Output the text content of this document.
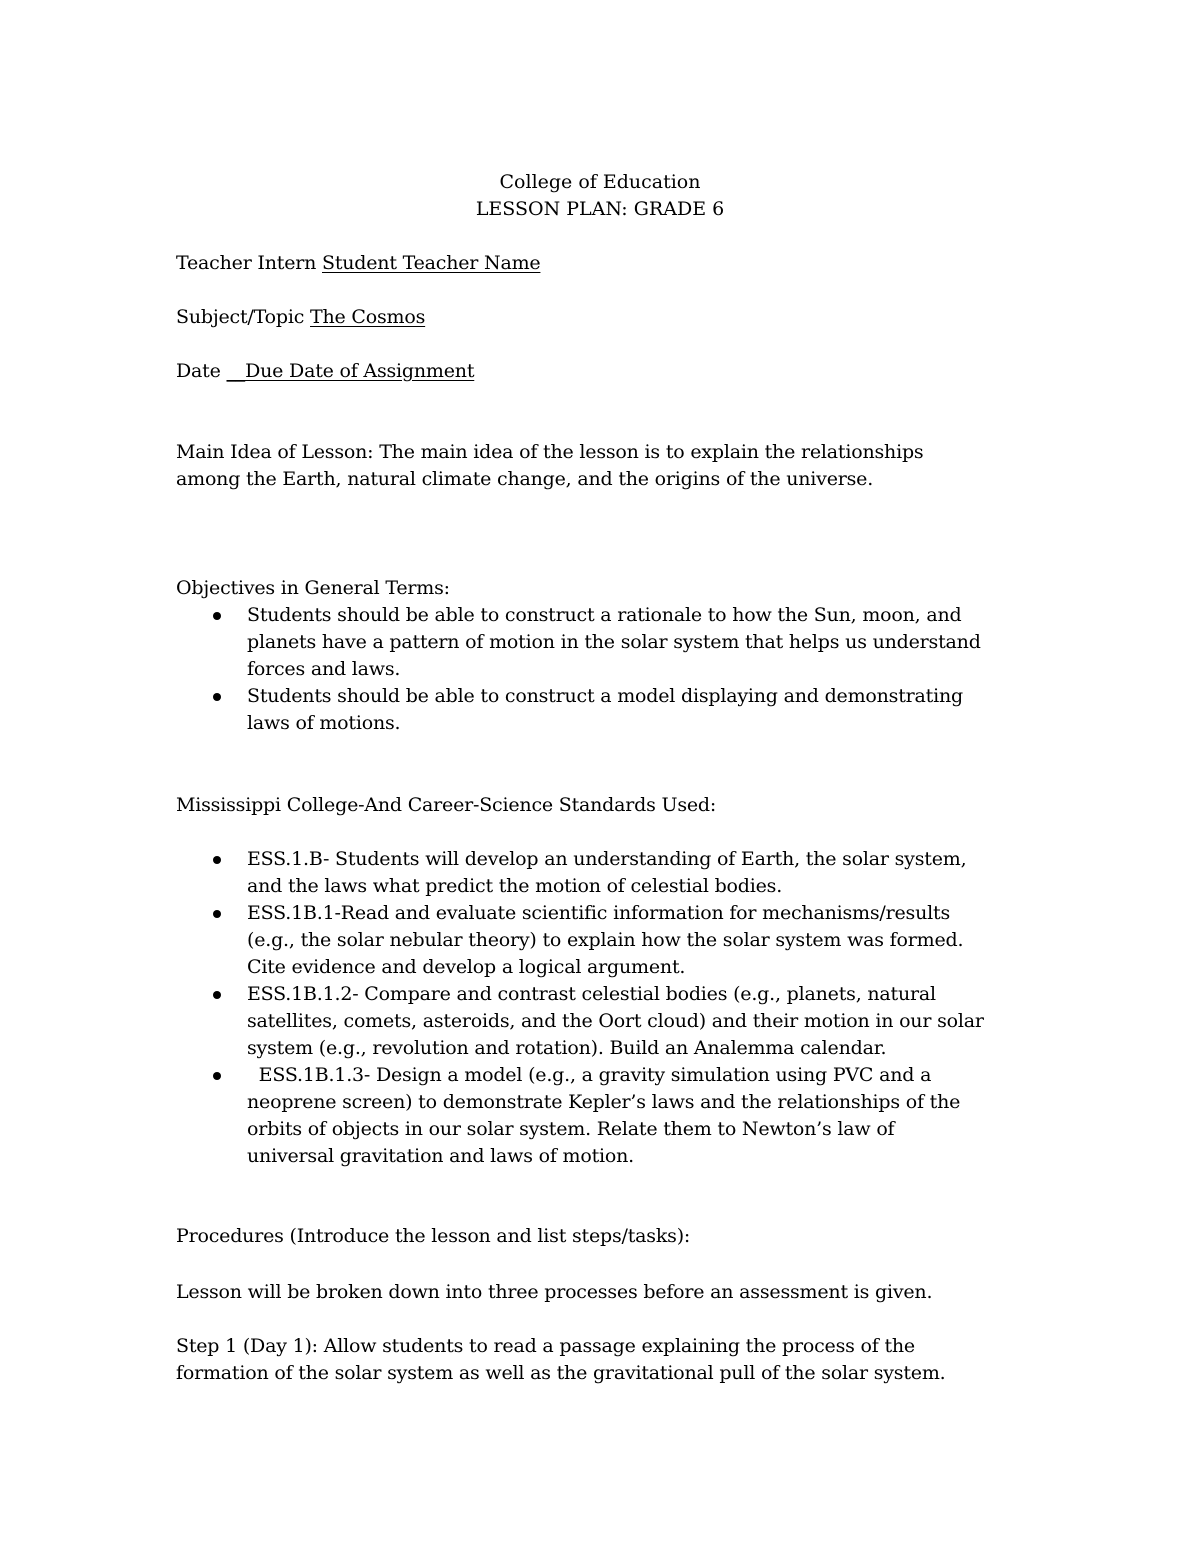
College of Education
LESSON PLAN: GRADE 6
Teacher Intern Student Teacher Name
Subject/Topic The Cosmos
Date __Due Date of Assignment
Main Idea of Lesson: The main idea of the lesson is to explain the relationships
among the Earth, natural climate change, and the origins of the universe.
Objectives in General Terms:
Students should be able to construct a rationale to how the Sun, moon, and
planets have a pattern of motion in the solar system that helps us understand
forces and laws.
Students should be able to construct a model displaying and demonstrating
laws of motions.
Mississippi College-And Career-Science Standards Used:
ESS.1.B- Students will develop an understanding of Earth, the solar system,
and the laws what predict the motion of celestial bodies.
ESS.1B.1-Read and evaluate scientific information for mechanisms/results
(e.g., the solar nebular theory) to explain how the solar system was formed.
Cite evidence and develop a logical argument.
ESS.1B.1.2- Compare and contrast celestial bodies (e.g., planets, natural
satellites, comets, asteroids, and the Oort cloud) and their motion in our solar
system (e.g., revolution and rotation). Build an Analemma calendar.
ESS.1B.1.3- Design a model (e.g., a gravity simulation using PVC and a
neoprene screen) to demonstrate Kepler’s laws and the relationships of the
orbits of objects in our solar system. Relate them to Newton’s law of
universal gravitation and laws of motion.
Procedures (Introduce the lesson and list steps/tasks):
Lesson will be broken down into three processes before an assessment is given.
Step 1 (Day 1): Allow students to read a passage explaining the process of the
formation of the solar system as well as the gravitational pull of the solar system.
